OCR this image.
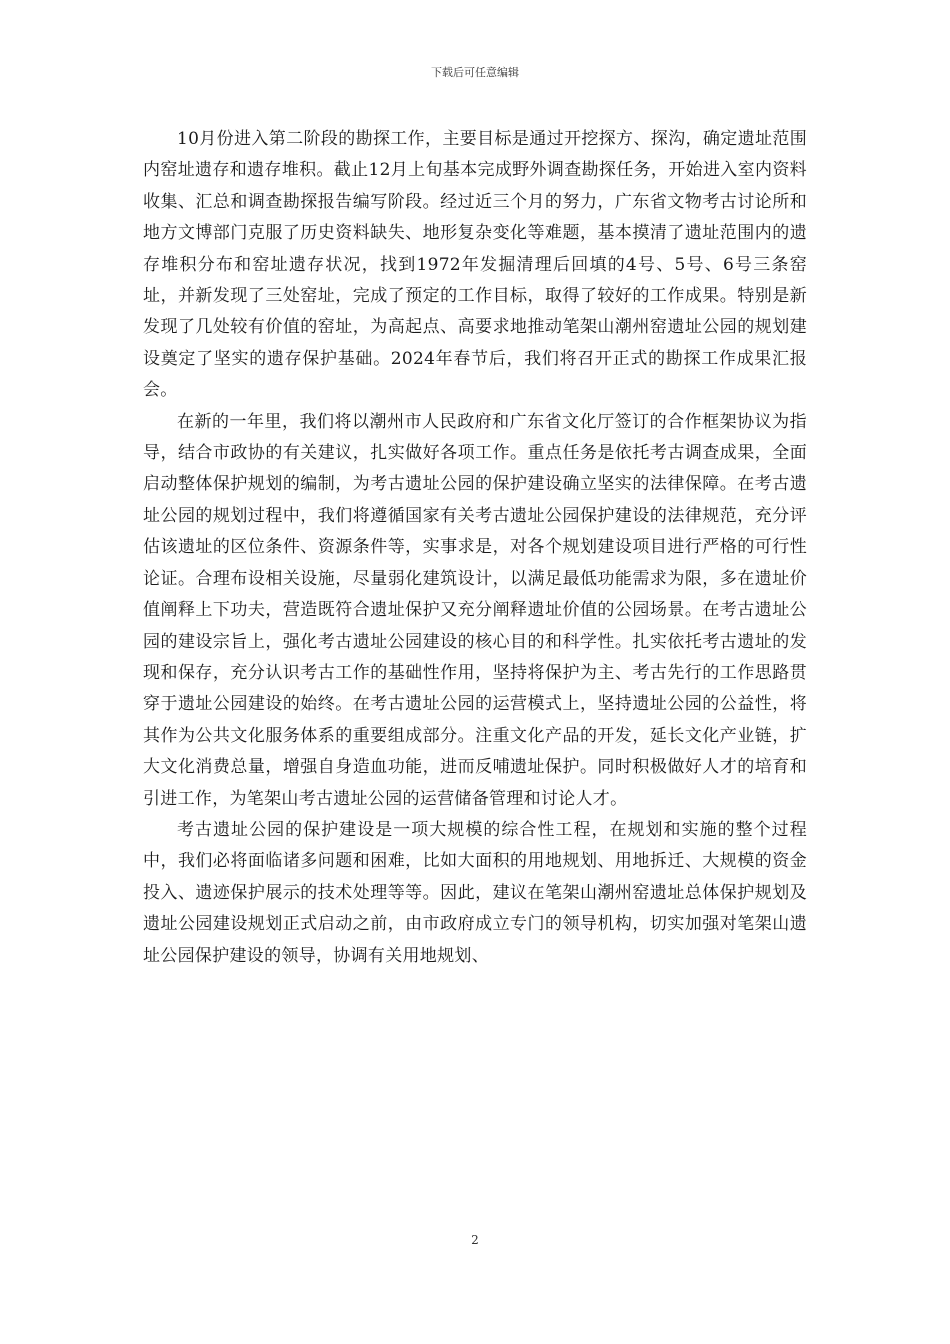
下载后可任意编辑

10月份进入第二阶段的勘探工作，主要目标是通过开挖探方、探沟，确定遗址范围内窑址遗存和遗存堆积。截止12月上旬基本完成野外调查勘探任务，开始进入室内资料收集、汇总和调查勘探报告编写阶段。经过近三个月的努力，广东省文物考古讨论所和地方文博部门克服了历史资料缺失、地形复杂变化等难题，基本摸清了遗址范围内的遗存堆积分布和窑址遗存状况，找到1972年发掘清理后回填的4号、5号、6号三条窑址，并新发现了三处窑址，完成了预定的工作目标，取得了较好的工作成果。特别是新发现了几处较有价值的窑址，为高起点、高要求地推动笔架山潮州窑遗址公园的规划建设奠定了坚实的遗存保护基础。2024年春节后，我们将召开正式的勘探工作成果汇报会。

在新的一年里，我们将以潮州市人民政府和广东省文化厅签订的合作框架协议为指导，结合市政协的有关建议，扎实做好各项工作。重点任务是依托考古调查成果，全面启动整体保护规划的编制，为考古遗址公园的保护建设确立坚实的法律保障。在考古遗址公园的规划过程中，我们将遵循国家有关考古遗址公园保护建设的法律规范，充分评估该遗址的区位条件、资源条件等，实事求是，对各个规划建设项目进行严格的可行性论证。合理布设相关设施，尽量弱化建筑设计，以满足最低功能需求为限，多在遗址价值阐释上下功夫，营造既符合遗址保护又充分阐释遗址价值的公园场景。在考古遗址公园的建设宗旨上，强化考古遗址公园建设的核心目的和科学性。扎实依托考古遗址的发现和保存，充分认识考古工作的基础性作用，坚持将保护为主、考古先行的工作思路贯穿于遗址公园建设的始终。在考古遗址公园的运营模式上，坚持遗址公园的公益性，将其作为公共文化服务体系的重要组成部分。注重文化产品的开发，延长文化产业链，扩大文化消费总量，增强自身造血功能，进而反哺遗址保护。同时积极做好人才的培育和引进工作，为笔架山考古遗址公园的运营储备管理和讨论人才。

考古遗址公园的保护建设是一项大规模的综合性工程，在规划和实施的整个过程中，我们必将面临诸多问题和困难，比如大面积的用地规划、用地拆迁、大规模的资金投入、遗迹保护展示的技术处理等等。因此，建议在笔架山潮州窑遗址总体保护规划及遗址公园建设规划正式启动之前，由市政府成立专门的领导机构，切实加强对笔架山遗址公园保护建设的领导，协调有关用地规划、

2
